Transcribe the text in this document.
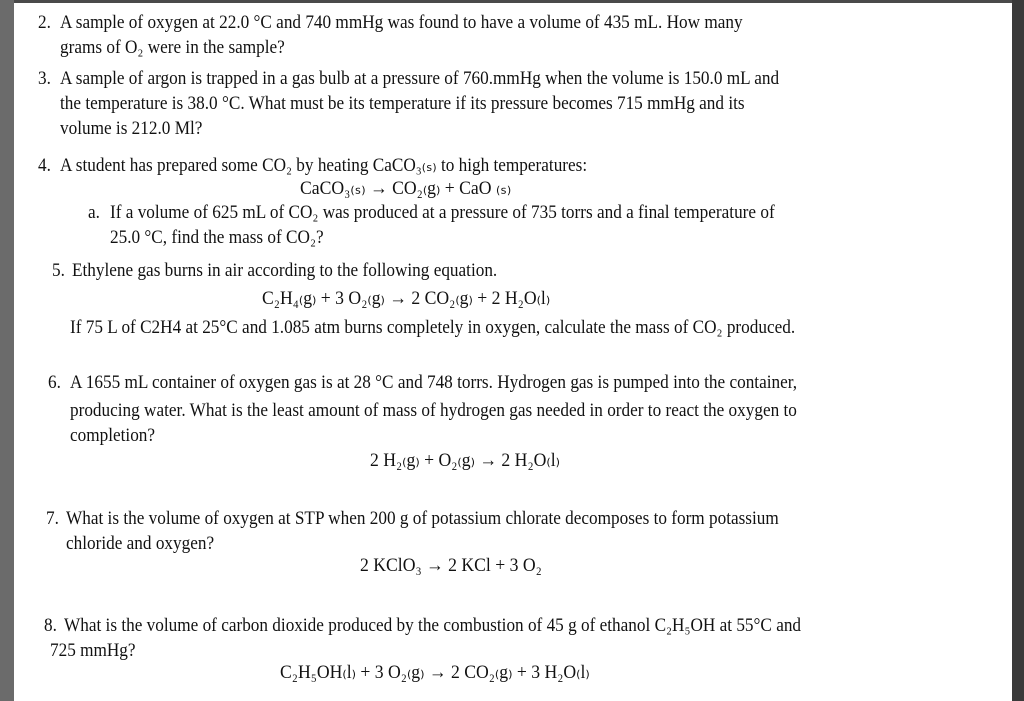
2. A sample of oxygen at 22.0 °C and 740 mmHg was found to have a volume of 435 mL. How many
grams of O₂ were in the sample?
3. A sample of argon is trapped in a gas bulb at a pressure of 760.mmHg when the volume is 150.0 mL and
the temperature is 38.0 °C. What must be its temperature if its pressure becomes 715 mmHg and its
volume is 212.0 Ml?
4. A student has prepared some CO₂ by heating CaCO₃₍ₛ₎ to high temperatures:
CaCO₃₍ₛ₎ → CO₂₍g₎ + CaO ₍ₛ₎
a. If a volume of 625 mL of CO₂ was produced at a pressure of 735 torrs and a final temperature of
25.0 °C, find the mass of CO₂?
5. Ethylene gas burns in air according to the following equation.
C₂H₄₍g₎ + 3 O₂₍g₎ → 2 CO₂₍g₎ + 2 H₂O₍l₎
If 75 L of C2H4 at 25°C and 1.085 atm burns completely in oxygen, calculate the mass of CO₂ produced.
6. A 1655 mL container of oxygen gas is at 28 °C and 748 torrs. Hydrogen gas is pumped into the container,
producing water. What is the least amount of mass of hydrogen gas needed in order to react the oxygen to
completion?
2 H₂₍g₎ + O₂₍g₎ → 2 H₂O₍l₎
7. What is the volume of oxygen at STP when 200 g of potassium chlorate decomposes to form potassium
chloride and oxygen?
2 KClO₃ → 2 KCl + 3 O₂
8. What is the volume of carbon dioxide produced by the combustion of 45 g of ethanol C₂H₅OH at 55°C and
725 mmHg?
C₂H₅OH₍l₎ + 3 O₂₍g₎ → 2 CO₂₍g₎ + 3 H₂O₍l₎
